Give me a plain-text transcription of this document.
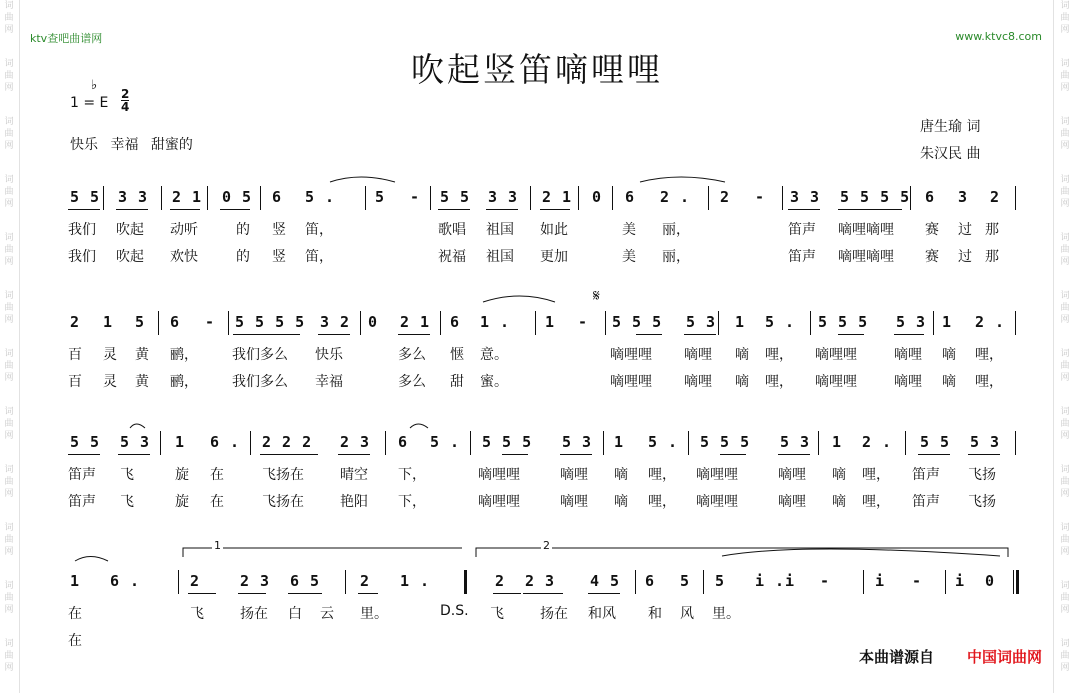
词
曲
网
词
曲
网
词
曲
网
词
曲
网
词
曲
网
词
曲
网
词
曲
网
词
曲
网
词
曲
网
词
曲
网
词
曲
网
词
曲
网
词
曲
网
词
曲
网
词
曲
网
词
曲
网
词
曲
网
词
曲
网
词
曲
网
词
曲
网
词
曲
网
词
曲
网
词
曲
网
词
曲
网
ktv查吧曲谱网	www.ktvc8.com
吹起竖笛嘀哩哩
♭
1 = E
2
4
快乐 幸福 甜蜜的
唐生瑜 词
朱汉民 曲
5 5 3 3 2 1 0 5 6 5 .	5 - 5 5 3 3 2 1 0 6 2 . 2 - 3 3 5 5 5 5 6 3 2
我们 吹起 动听	的 竖 笛，	歌唱 祖国 如此	美 丽，	笛声 嘀哩嘀哩 赛 过 那
我们 吹起 欢快	的 竖 笛，	祝福 祖国 更加	美 丽，	笛声 嘀哩嘀哩 赛 过 那
2 1 5 6 - 5 5 5 5 3 2 0 2 1 6 1 . 1 - 5 5 5 5 3 1 5 . 5 5 5 5 3 1 2 .
百 灵 黄 鹂， 我们多么 快乐	多么 惬 意。	嘀哩哩 嘀哩 嘀 哩， 嘀哩哩	嘀哩 嘀 哩，
百 灵 黄 鹂， 我们多么 幸福	多么 甜 蜜。	嘀哩哩 嘀哩 嘀 哩， 嘀哩哩	嘀哩 嘀 哩，
5 5 5 3 1 6 . 2 2 2 2 3 6 5 . 5 5 5 5 3 1 5 . 5 5 5 5 3 1 2 . 5 5 5 3
笛声 飞	旋 在	飞扬在	晴空 下，	嘀哩哩	嘀哩 嘀 哩， 嘀哩哩	嘀哩 嘀 哩， 笛声 飞扬
笛声 飞	旋 在	飞扬在	艳阳 下，	嘀哩哩	嘀哩 嘀 哩， 嘀哩哩	嘀哩 嘀 哩， 笛声 飞扬
1 6 .	2	2 3 6 5	2 1 .	2 2 3 4 5 6 5 5 i . i -	i - i 0
在	飞	扬在 白 云 里。	D.S. 飞	扬在 和风 和 风 里。
在
1	2
𝄋
本曲谱源自 中国词曲网
